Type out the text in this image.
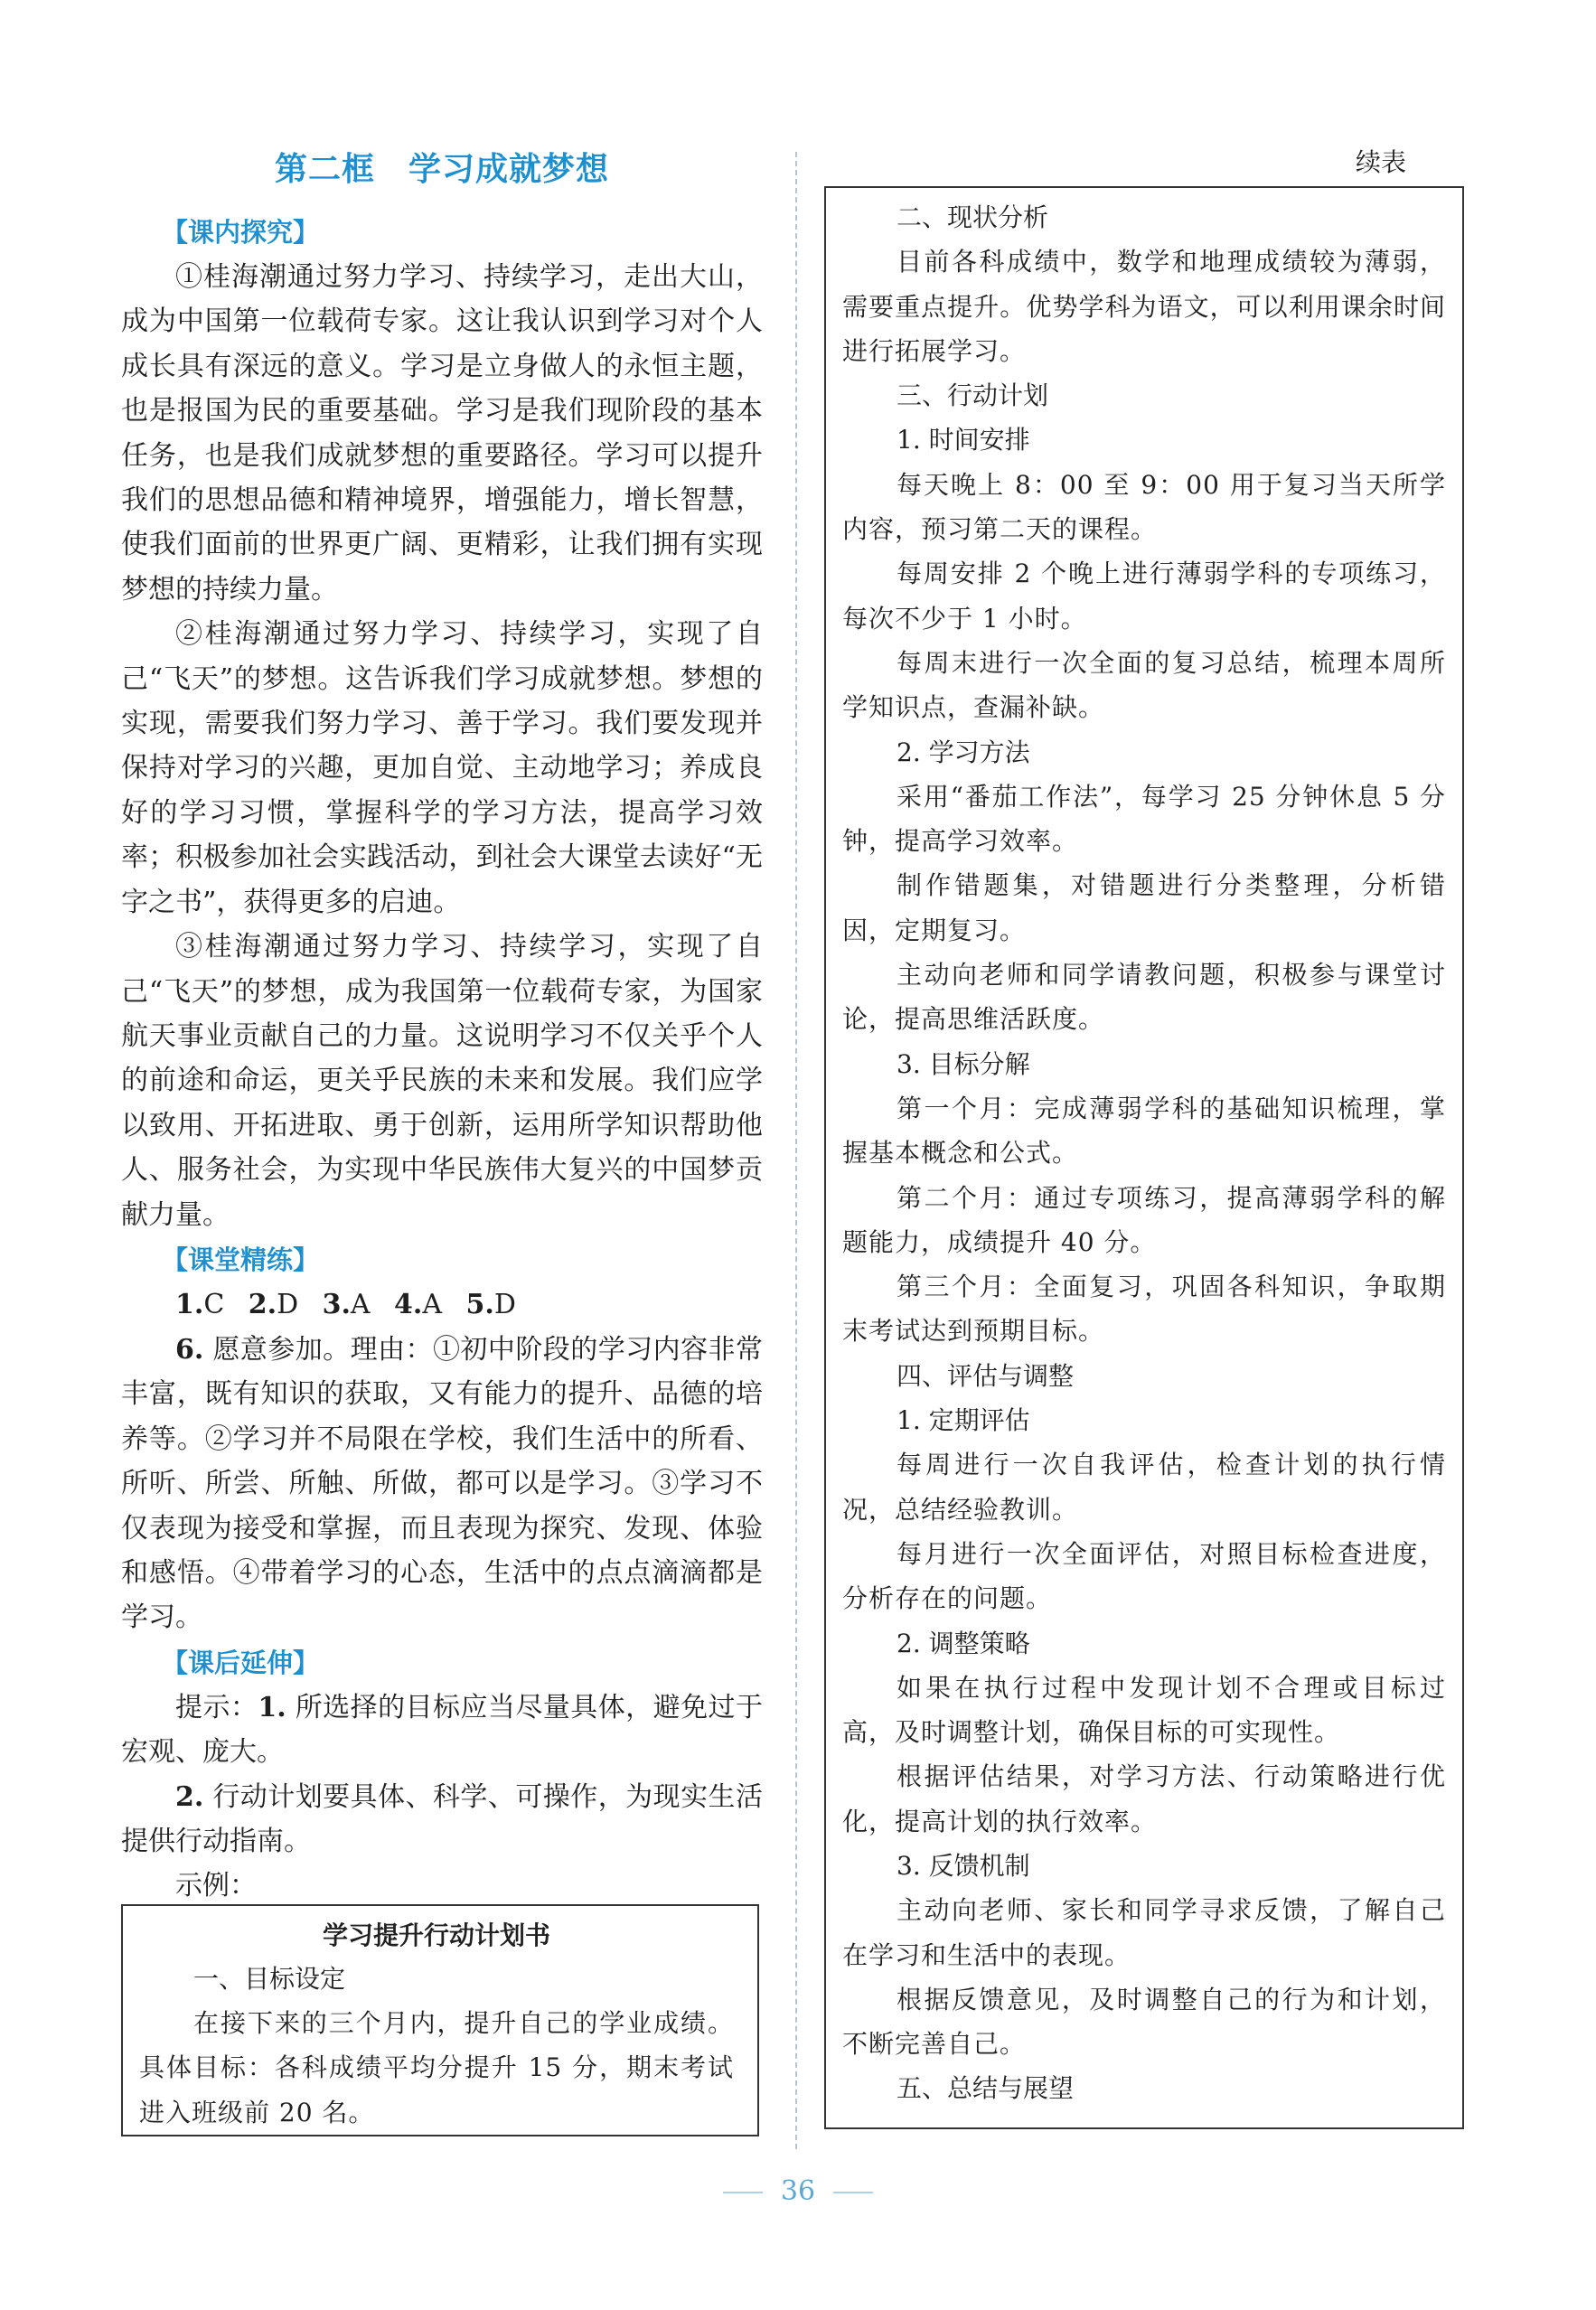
第二框　学习成就梦想
【课内探究】

①桂海潮通过努力学习、持续学习，走出大山，成为中国第一位载荷专家。这让我认识到学习对个人成长具有深远的意义。学习是立身做人的永恒主题，也是报国为民的重要基础。学习是我们现阶段的基本任务，也是我们成就梦想的重要路径。学习可以提升我们的思想品德和精神境界，增强能力，增长智慧，使我们面前的世界更广阔、更精彩，让我们拥有实现梦想的持续力量。

②桂海潮通过努力学习、持续学习，实现了自己“飞天”的梦想。这告诉我们学习成就梦想。梦想的实现，需要我们努力学习、善于学习。我们要发现并保持对学习的兴趣，更加自觉、主动地学习；养成良好的学习习惯，掌握科学的学习方法，提高学习效率；积极参加社会实践活动，到社会大课堂去读好“无字之书”，获得更多的启迪。

③桂海潮通过努力学习、持续学习，实现了自己“飞天”的梦想，成为我国第一位载荷专家，为国家航天事业贡献自己的力量。这说明学习不仅关乎个人的前途和命运，更关乎民族的未来和发展。我们应学以致用、开拓进取、勇于创新，运用所学知识帮助他人、服务社会，为实现中华民族伟大复兴的中国梦贡献力量。

【课堂精练】
1.C 2.D 3.A 4.A 5.D

6. 愿意参加。理由：①初中阶段的学习内容非常丰富，既有知识的获取，又有能力的提升、品德的培养等。②学习并不局限在学校，我们生活中的所看、所听、所尝、所触、所做，都可以是学习。③学习不仅表现为接受和掌握，而且表现为探究、发现、体验和感悟。④带着学习的心态，生活中的点点滴滴都是学习。

【课后延伸】

提示：1. 所选择的目标应当尽量具体，避免过于宏观、庞大。

2. 行动计划要具体、科学、可操作，为现实生活提供行动指南。

示例：

学习提升行动计划书
一、目标设定

在接下来的三个月内，提升自己的学业成绩。具体目标：各科成绩平均分提升 15 分，期末考试进入班级前 20 名。

续表
二、现状分析

目前各科成绩中，数学和地理成绩较为薄弱，需要重点提升。优势学科为语文，可以利用课余时间进行拓展学习。

三、行动计划
1. 时间安排

每天晚上 8：00 至 9：00 用于复习当天所学内容，预习第二天的课程。

每周安排 2 个晚上进行薄弱学科的专项练习，每次不少于 1 小时。

每周末进行一次全面的复习总结，梳理本周所学知识点，查漏补缺。

2. 学习方法

采用“番茄工作法”，每学习 25 分钟休息 5 分钟，提高学习效率。

制作错题集，对错题进行分类整理，分析错因，定期复习。

主动向老师和同学请教问题，积极参与课堂讨论，提高思维活跃度。

3. 目标分解

第一个月：完成薄弱学科的基础知识梳理，掌握基本概念和公式。

第二个月：通过专项练习，提高薄弱学科的解题能力，成绩提升 40 分。

第三个月：全面复习，巩固各科知识，争取期末考试达到预期目标。

四、评估与调整
1. 定期评估

每周进行一次自我评估，检查计划的执行情况，总结经验教训。

每月进行一次全面评估，对照目标检查进度，分析存在的问题。

2. 调整策略

如果在执行过程中发现计划不合理或目标过高，及时调整计划，确保目标的可实现性。

根据评估结果，对学习方法、行动策略进行优化，提高计划的执行效率。

3. 反馈机制

主动向老师、家长和同学寻求反馈，了解自己在学习和生活中的表现。

根据反馈意见，及时调整自己的行为和计划，不断完善自己。

五、总结与展望
36
